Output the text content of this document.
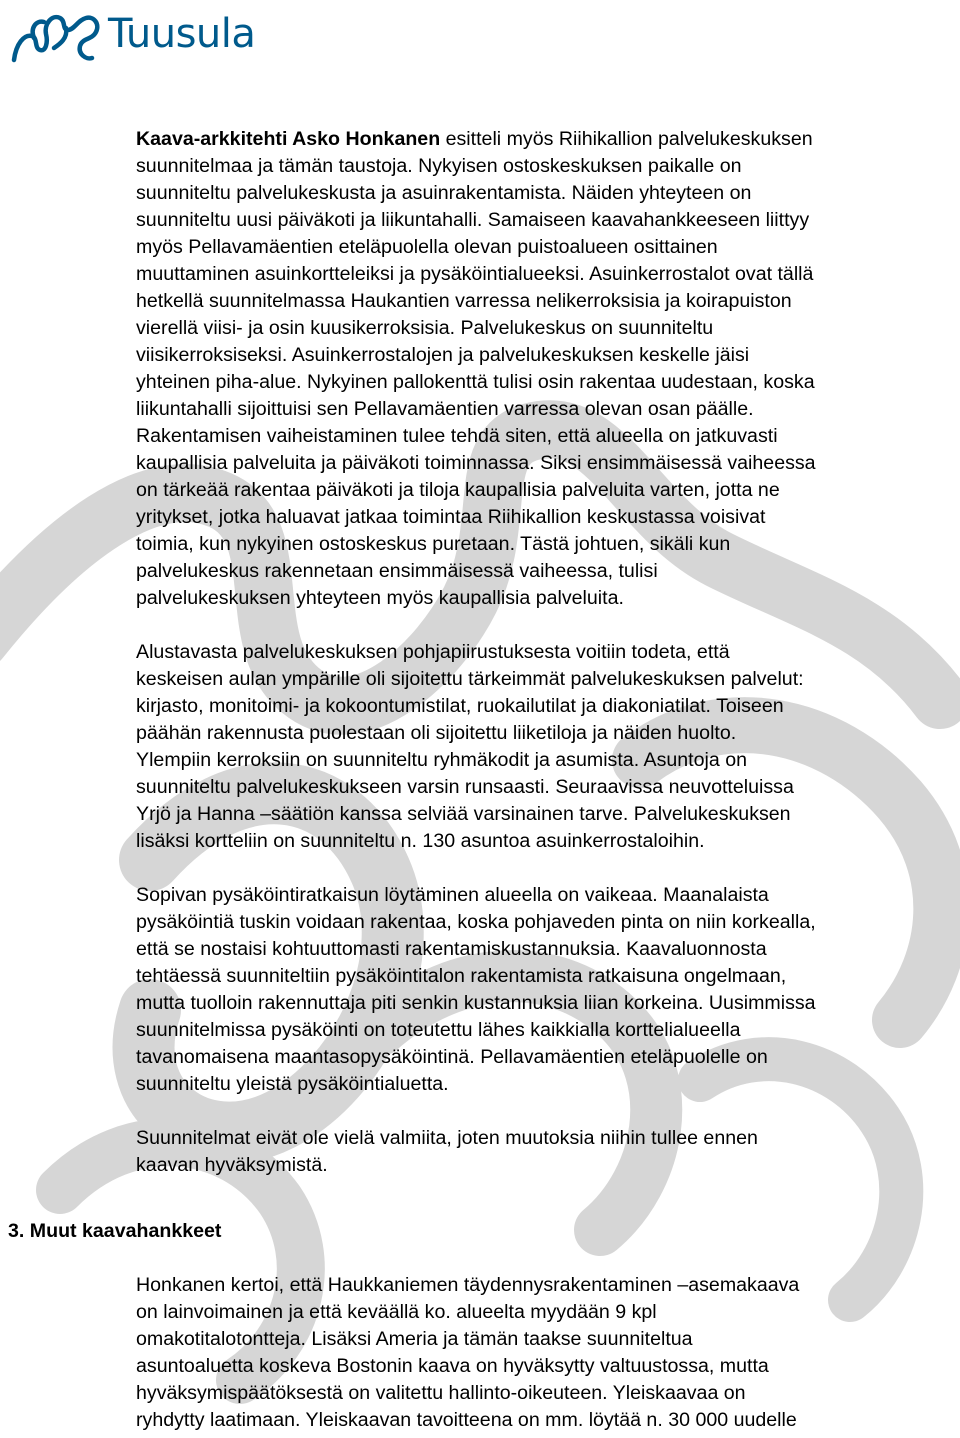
Tuusula

Kaava-arkkitehti Asko Honkanen esitteli myös Riihikallion palvelukeskuksen
suunnitelmaa ja tämän taustoja. Nykyisen ostoskeskuksen paikalle on
suunniteltu palvelukeskusta ja asuinrakentamista. Näiden yhteyteen on
suunniteltu uusi päiväkoti ja liikuntahalli. Samaiseen kaavahankkeeseen liittyy
myös Pellavamäentien eteläpuolella olevan puistoalueen osittainen
muuttaminen asuinkortteleiksi ja pysäköintialueeksi. Asuinkerrostalot ovat tällä
hetkellä suunnitelmassa Haukantien varressa nelikerroksisia ja koirapuiston
vierellä viisi- ja osin kuusikerroksisia. Palvelukeskus on suunniteltu
viisikerroksiseksi. Asuinkerrostalojen ja palvelukeskuksen keskelle jäisi
yhteinen piha-alue. Nykyinen pallokenttä tulisi osin rakentaa uudestaan, koska
liikuntahalli sijoittuisi sen Pellavamäentien varressa olevan osan päälle.
Rakentamisen vaiheistaminen tulee tehdä siten, että alueella on jatkuvasti
kaupallisia palveluita ja päiväkoti toiminnassa. Siksi ensimmäisessä vaiheessa
on tärkeää rakentaa päiväkoti ja tiloja kaupallisia palveluita varten, jotta ne
yritykset, jotka haluavat jatkaa toimintaa Riihikallion keskustassa voisivat
toimia, kun nykyinen ostoskeskus puretaan. Tästä johtuen, sikäli kun
palvelukeskus rakennetaan ensimmäisessä vaiheessa, tulisi
palvelukeskuksen yhteyteen myös kaupallisia palveluita.

Alustavasta palvelukeskuksen pohjapiirustuksesta voitiin todeta, että
keskeisen aulan ympärille oli sijoitettu tärkeimmät palvelukeskuksen palvelut:
kirjasto, monitoimi- ja kokoontumistilat, ruokailutilat ja diakoniatilat. Toiseen
päähän rakennusta puolestaan oli sijoitettu liiketiloja ja näiden huolto.
Ylempiin kerroksiin on suunniteltu ryhmäkodit ja asumista. Asuntoja on
suunniteltu palvelukeskukseen varsin runsaasti. Seuraavissa neuvotteluissa
Yrjö ja Hanna –säätiön kanssa selviää varsinainen tarve. Palvelukeskuksen
lisäksi kortteliin on suunniteltu n. 130 asuntoa asuinkerrostaloihin.

Sopivan pysäköintiratkaisun löytäminen alueella on vaikeaa. Maanalaista
pysäköintiä tuskin voidaan rakentaa, koska pohjaveden pinta on niin korkealla,
että se nostaisi kohtuuttomasti rakentamiskustannuksia. Kaavaluonnosta
tehtäessä suunniteltiin pysäköintitalon rakentamista ratkaisuna ongelmaan,
mutta tuolloin rakennuttaja piti senkin kustannuksia liian korkeina. Uusimmissa
suunnitelmissa pysäköinti on toteutettu lähes kaikkialla korttelialueella
tavanomaisena maantasopysäköintinä. Pellavamäentien eteläpuolelle on
suunniteltu yleistä pysäköintialuetta.

Suunnitelmat eivät ole vielä valmiita, joten muutoksia niihin tullee ennen
kaavan hyväksymistä.

3. Muut kaavahankkeet

Honkanen kertoi, että Haukkaniemen täydennysrakentaminen –asemakaava
on lainvoimainen ja että keväällä ko. alueelta myydään 9 kpl
omakotitalotontteja. Lisäksi Ameria ja tämän taakse suunniteltua
asuntoaluetta koskeva Bostonin kaava on hyväksytty valtuustossa, mutta
hyväksymispäätöksestä on valitettu hallinto-oikeuteen. Yleiskaavaa on
ryhdytty laatimaan. Yleiskaavan tavoitteena on mm. löytää n. 30 000 uudelle
